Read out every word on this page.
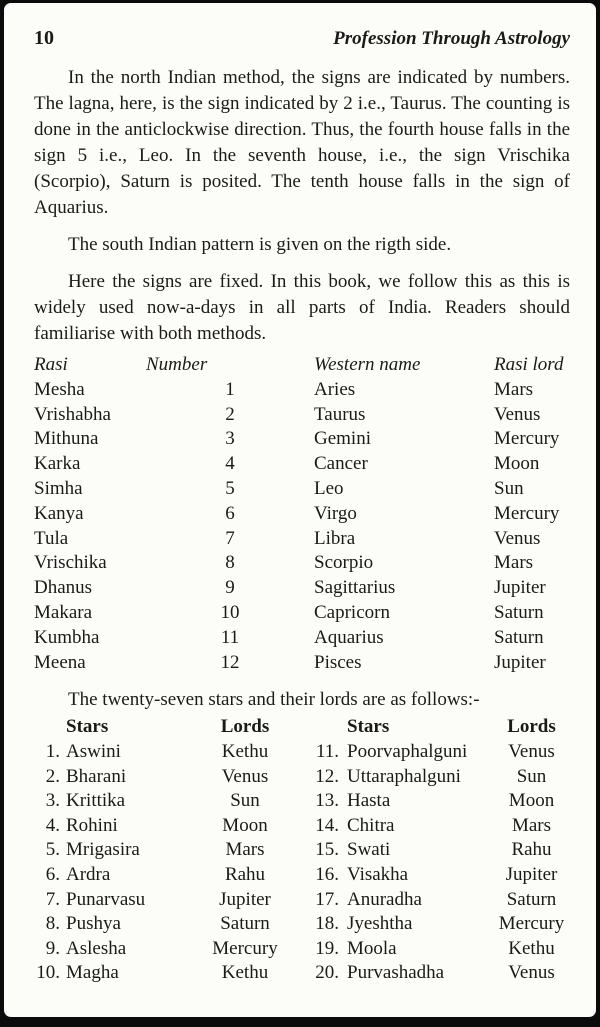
10	Profession Through Astrology

In the north Indian method, the signs are indicated by numbers. The lagna, here, is the sign indicated by 2 i.e., Taurus. The counting is done in the anticlockwise direction. Thus, the fourth house falls in the sign 5 i.e., Leo. In the seventh house, i.e., the sign Vrischika (Scorpio), Saturn is posited. The tenth house falls in the sign of Aquarius.

The south Indian pattern is given on the rigth side.

Here the signs are fixed. In this book, we follow this as this is widely used now-a-days in all parts of India. Readers should familiarise with both methods.

Rasi	Number	Western name	Rasi lord
Mesha	1	Aries	Mars
Vrishabha	2	Taurus	Venus
Mithuna	3	Gemini	Mercury
Karka	4	Cancer	Moon
Simha	5	Leo	Sun
Kanya	6	Virgo	Mercury
Tula	7	Libra	Venus
Vrischika	8	Scorpio	Mars
Dhanus	9	Sagittarius	Jupiter
Makara	10	Capricorn	Saturn
Kumbha	11	Aquarius	Saturn
Meena	12	Pisces	Jupiter

The twenty-seven stars and their lords are as follows:-

	Stars	Lords		Stars	Lords
1.	Aswini	Kethu	11.	Poorvaphalguni	Venus
2.	Bharani	Venus	12.	Uttaraphalguni	Sun
3.	Krittika	Sun	13.	Hasta	Moon
4.	Rohini	Moon	14.	Chitra	Mars
5.	Mrigasira	Mars	15.	Swati	Rahu
6.	Ardra	Rahu	16.	Visakha	Jupiter
7.	Punarvasu	Jupiter	17.	Anuradha	Saturn
8.	Pushya	Saturn	18.	Jyeshtha	Mercury
9.	Aslesha	Mercury	19.	Moola	Kethu
10.	Magha	Kethu	20.	Purvashadha	Venus
